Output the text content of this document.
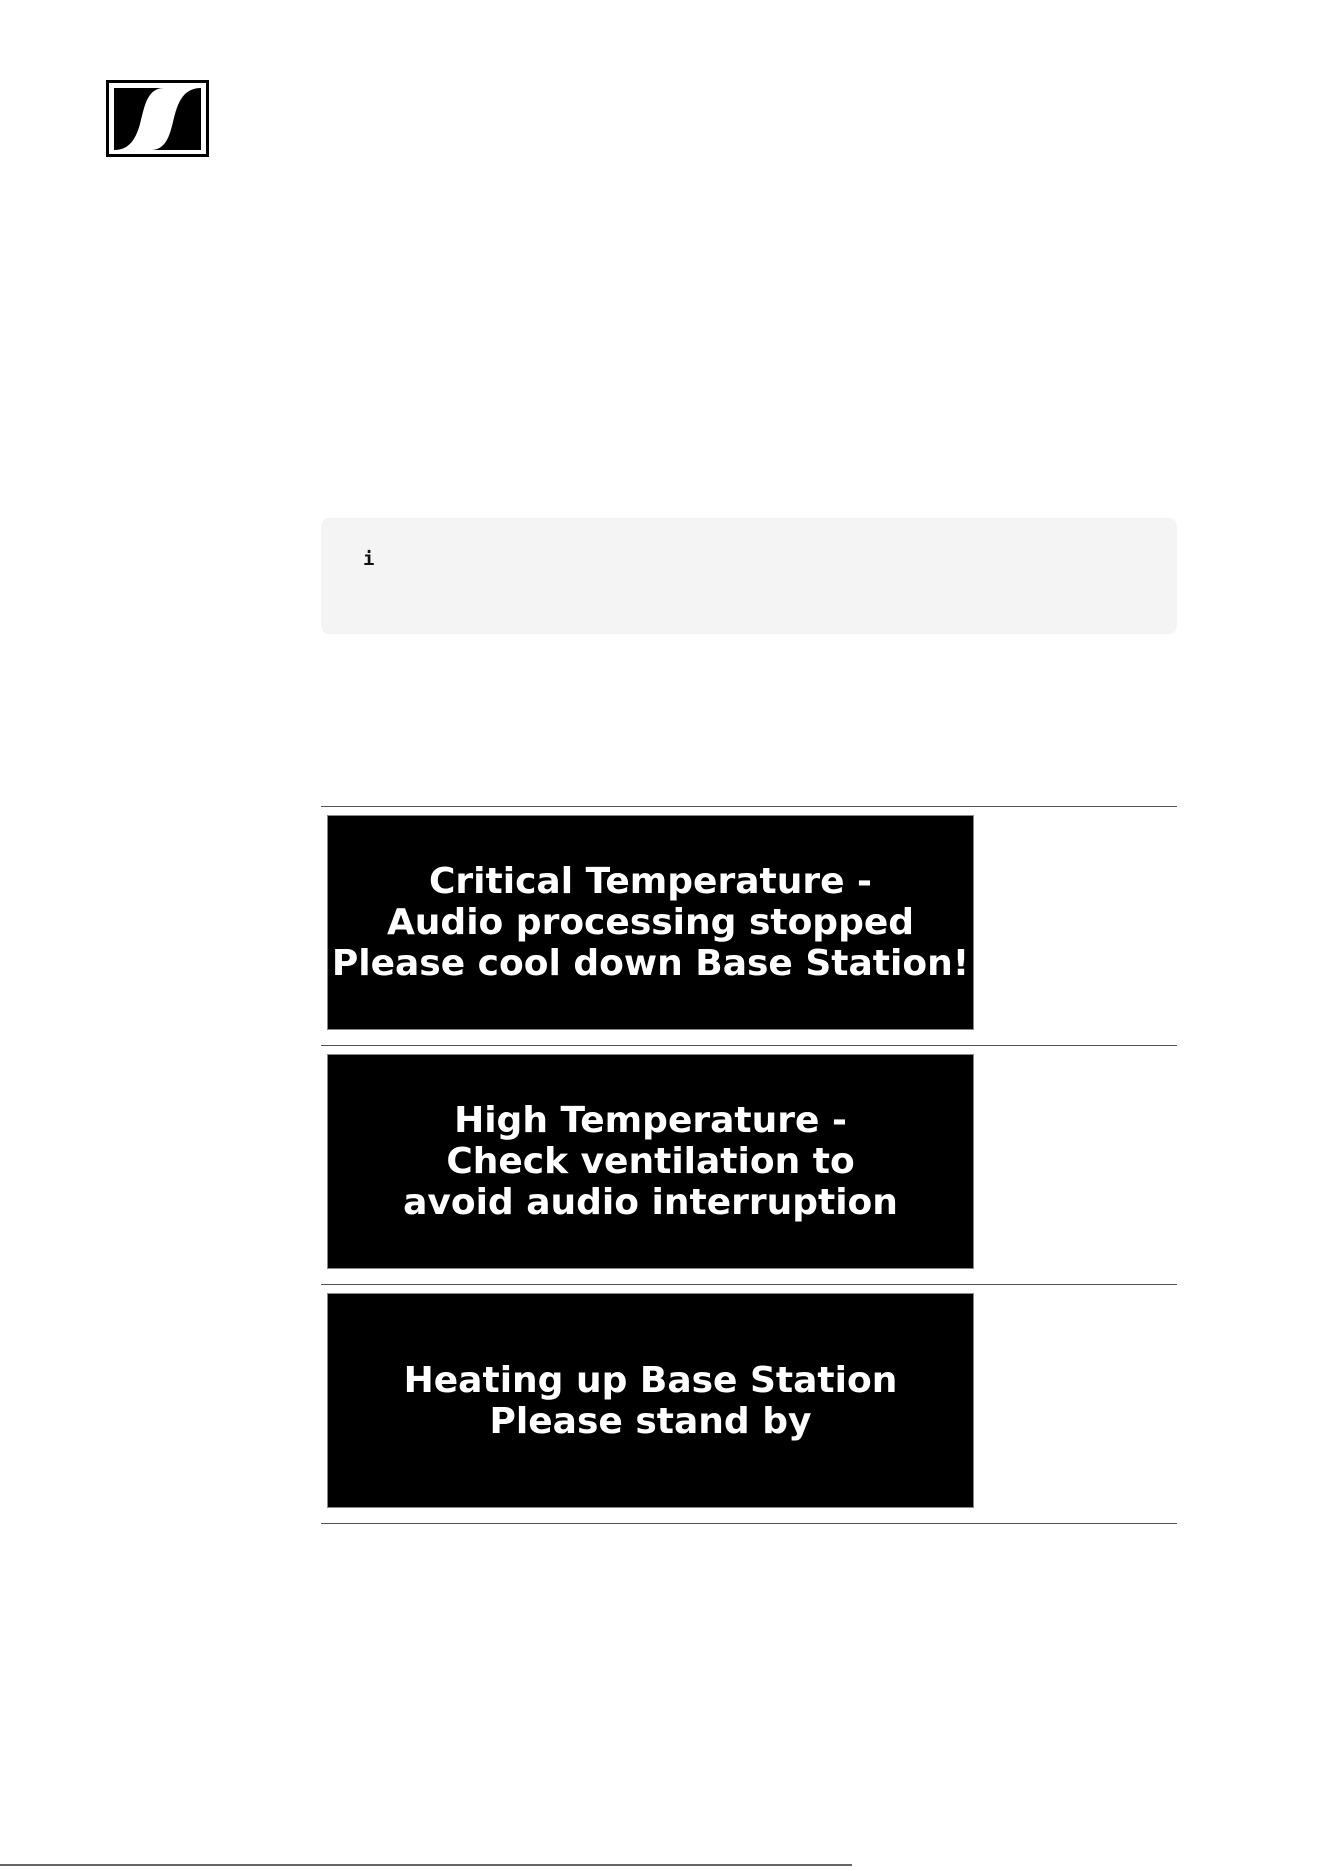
i
Critical Temperature -
Audio processing stopped
Please cool down Base Station!
High Temperature -
Check ventilation to
avoid audio interruption
Heating up Base Station
Please stand by
